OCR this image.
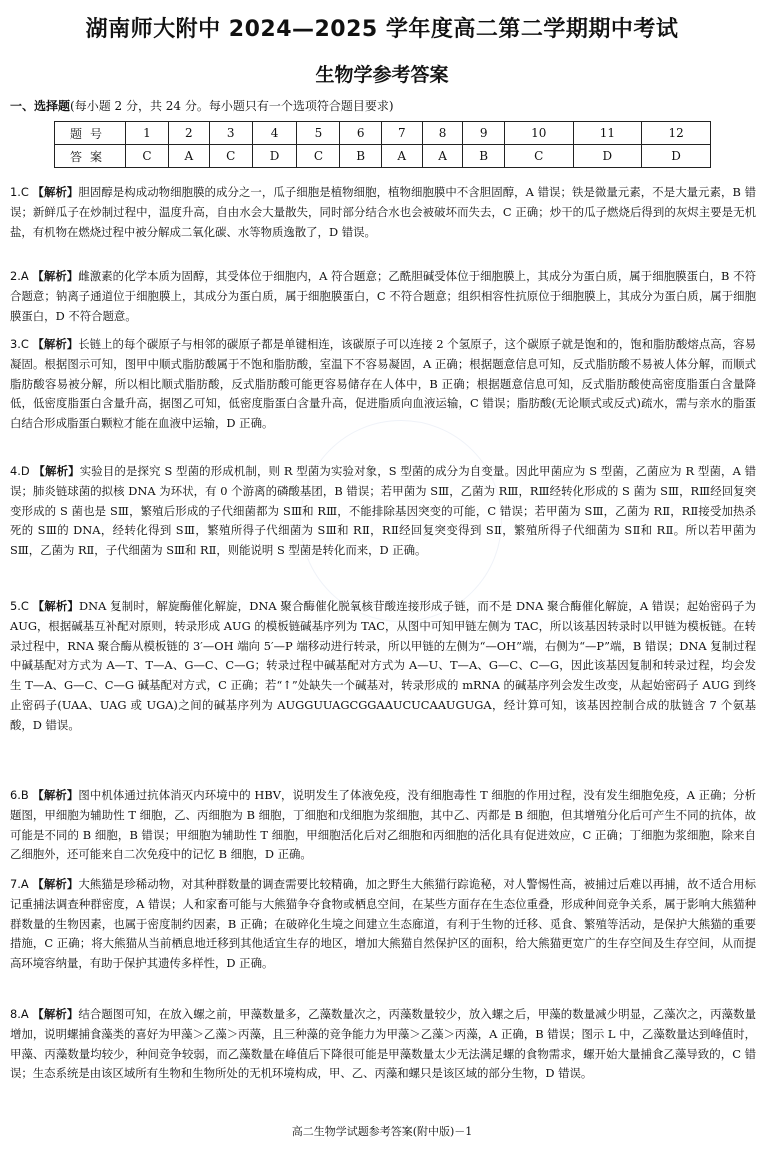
湖南师大附中 2024—2025 学年度高二第二学期期中考试
生物学参考答案
一、选择题(每小题 2 分，共 24 分。每小题只有一个选项符合题目要求)
题号	1	2	3	4	5	6	7	8	9	10	11	12
答案	C	A	C	D	C	B	A	A	B	C	D	D
1.C 【解析】胆固醇是构成动物细胞膜的成分之一，瓜子细胞是植物细胞，植物细胞膜中不含胆固醇，A 错误；铁是微量元素，不是大量元素，B 错误；新鲜瓜子在炒制过程中，温度升高，自由水会大量散失，同时部分结合水也会被破坏而失去，C 正确；炒干的瓜子燃烧后得到的灰烬主要是无机盐，有机物在燃烧过程中被分解成二氧化碳、水等物质逸散了，D 错误。
2.A 【解析】雌激素的化学本质为固醇，其受体位于细胞内，A 符合题意；乙酰胆碱受体位于细胞膜上，其成分为蛋白质，属于细胞膜蛋白，B 不符合题意；钠离子通道位于细胞膜上，其成分为蛋白质，属于细胞膜蛋白，C 不符合题意；组织相容性抗原位于细胞膜上，其成分为蛋白质，属于细胞膜蛋白，D 不符合题意。
3.C 【解析】长链上的每个碳原子与相邻的碳原子都是单键相连，该碳原子可以连接 2 个氢原子，这个碳原子就是饱和的，饱和脂肪酸熔点高，容易凝固。根据图示可知，图甲中顺式脂肪酸属于不饱和脂肪酸，室温下不容易凝固，A 正确；根据题意信息可知，反式脂肪酸不易被人体分解，而顺式脂肪酸容易被分解，所以相比顺式脂肪酸，反式脂肪酸可能更容易储存在人体中，B 正确；根据题意信息可知，反式脂肪酸使高密度脂蛋白含量降低，低密度脂蛋白含量升高，据图乙可知，低密度脂蛋白含量升高，促进脂质向血液运输，C 错误；脂肪酸(无论顺式或反式)疏水，需与亲水的脂蛋白结合形成脂蛋白颗粒才能在血液中运输，D 正确。
4.D 【解析】实验目的是探究 S 型菌的形成机制，则 R 型菌为实验对象，S 型菌的成分为自变量。因此甲菌应为 S 型菌，乙菌应为 R 型菌，A 错误；肺炎链球菌的拟核 DNA 为环状，有 0 个游离的磷酸基团，B 错误；若甲菌为 SⅢ，乙菌为 RⅢ，RⅢ经转化形成的 S 菌为 SⅢ，RⅢ经回复突变形成的 S 菌也是 SⅢ，繁殖后形成的子代细菌都为 SⅢ和 RⅢ，不能排除基因突变的可能，C 错误；若甲菌为 SⅢ，乙菌为 RⅡ，RⅡ接受加热杀死的 SⅢ的 DNA，经转化得到 SⅢ，繁殖所得子代细菌为 SⅢ和 RⅡ，RⅡ经回复突变得到 SⅡ，繁殖所得子代细菌为 SⅡ和 RⅡ。所以若甲菌为 SⅢ，乙菌为 RⅡ，子代细菌为 SⅢ和 RⅡ，则能说明 S 型菌是转化而来，D 正确。
5.C 【解析】DNA 复制时，解旋酶催化解旋，DNA 聚合酶催化脱氧核苷酸连接形成子链，而不是 DNA 聚合酶催化解旋，A 错误；起始密码子为 AUG，根据碱基互补配对原则，转录形成 AUG 的模板链碱基序列为 TAC，从图中可知甲链左侧为 TAC，所以该基因转录时以甲链为模板链。在转录过程中，RNA 聚合酶从模板链的 3′—OH 端向 5′—P 端移动进行转录，所以甲链的左侧为“—OH”端，右侧为“—P”端，B 错误；DNA 复制过程中碱基配对方式为 A—T、T—A、G—C、C—G；转录过程中碱基配对方式为 A—U、T—A、G—C、C—G，因此该基因复制和转录过程，均会发生 T—A、G—C、C—G 碱基配对方式，C 正确；若“↑”处缺失一个碱基对，转录形成的 mRNA 的碱基序列会发生改变，从起始密码子 AUG 到终止密码子(UAA、UAG 或 UGA)之间的碱基序列为 AUGGUUAGCGGAAUCUCAAUGUGA，经计算可知，该基因控制合成的肽链含 7 个氨基酸，D 错误。
6.B 【解析】图中机体通过抗体消灭内环境中的 HBV，说明发生了体液免疫，没有细胞毒性 T 细胞的作用过程，没有发生细胞免疫，A 正确；分析题图，甲细胞为辅助性 T 细胞，乙、丙细胞为 B 细胞，丁细胞和戊细胞为浆细胞，其中乙、丙都是 B 细胞，但其增殖分化后可产生不同的抗体，故可能是不同的 B 细胞，B 错误；甲细胞为辅助性 T 细胞，甲细胞活化后对乙细胞和丙细胞的活化具有促进效应，C 正确；丁细胞为浆细胞，除来自乙细胞外，还可能来自二次免疫中的记忆 B 细胞，D 正确。
7.A 【解析】大熊猫是珍稀动物，对其种群数量的调查需要比较精确，加之野生大熊猫行踪诡秘，对人警惕性高，被捕过后难以再捕，故不适合用标记重捕法调查种群密度，A 错误；人和家畜可能与大熊猫争夺食物或栖息空间，在某些方面存在生态位重叠，形成种间竞争关系，属于影响大熊猫种群数量的生物因素，也属于密度制约因素，B 正确；在破碎化生境之间建立生态廊道，有利于生物的迁移、觅食、繁殖等活动，是保护大熊猫的重要措施，C 正确；将大熊猫从当前栖息地迁移到其他适宜生存的地区，增加大熊猫自然保护区的面积，给大熊猫更宽广的生存空间及生存空间，从而提高环境容纳量，有助于保护其遗传多样性，D 正确。
8.A 【解析】结合题图可知，在放入螺之前，甲藻数量多，乙藻数量次之，丙藻数量较少，放入螺之后，甲藻的数量减少明显，乙藻次之，丙藻数量增加，说明螺捕食藻类的喜好为甲藻＞乙藻＞丙藻，且三种藻的竞争能力为甲藻＞乙藻＞丙藻，A 正确，B 错误；图示 L 中，乙藻数量达到峰值时，甲藻、丙藻数量均较少，种间竞争较弱，而乙藻数量在峰值后下降很可能是甲藻数量太少无法满足螺的食物需求，螺开始大量捕食乙藻导致的，C 错误；生态系统是由该区域所有生物和生物所处的无机环境构成，甲、乙、丙藻和螺只是该区域的部分生物，D 错误。
高二生物学试题参考答案(附中版)－1
